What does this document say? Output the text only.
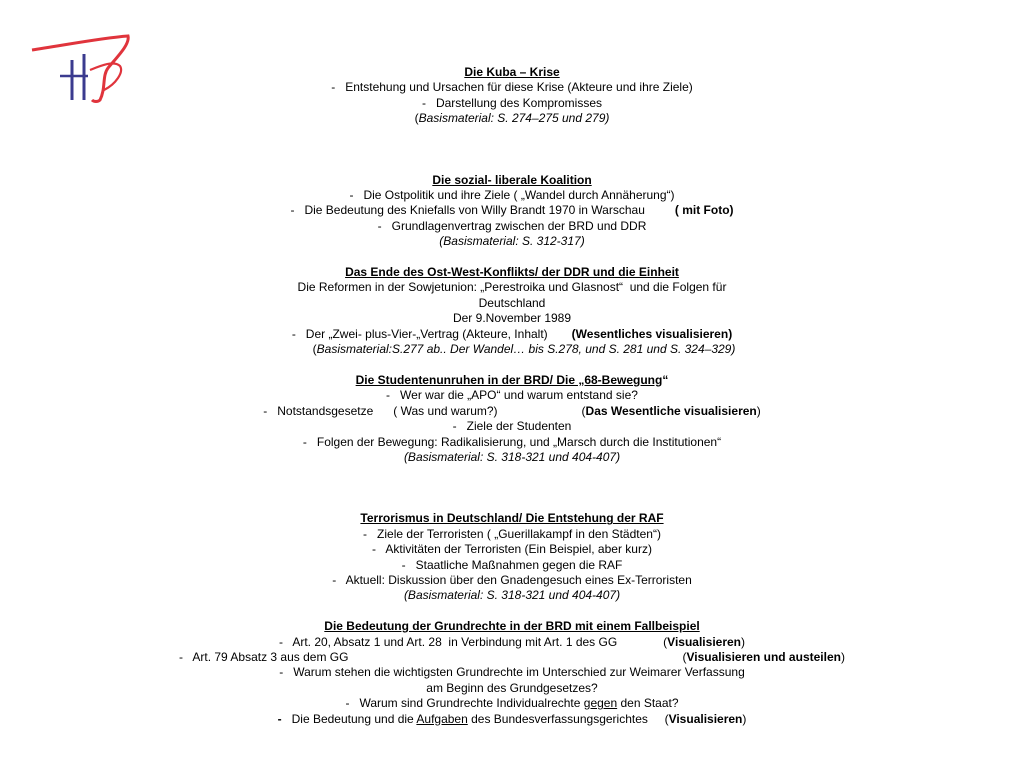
Die Kuba – Krise
-   Entstehung und Ursachen für diese Krise (Akteure und ihre Ziele)
-   Darstellung des Kompromisses
(Basismaterial: S. 274–275 und 279)
Die sozial- liberale Koalition
-   Die Ostpolitik und ihre Ziele ( „Wandel durch Annäherung“)
-   Die Bedeutung des Kniefalls von Willy Brandt 1970 in Warschau	( mit Foto)
-   Grundlagenvertrag zwischen der BRD und DDR
(Basismaterial: S. 312-317)
Das Ende des Ost-West-Konflikts/ der DDR und die Einheit
Die Reformen in der Sowjetunion: „Perestroika und Glasnost“  und die Folgen für
Deutschland
Der 9.November 1989
-   Der „Zwei- plus-Vier-„Vertrag (Akteure, Inhalt) (Wesentliches visualisieren)
(Basismaterial:S.277 ab.. Der Wandel… bis S.278, und S. 281 und S. 324–329)
Die Studentenunruhen in der BRD/ Die „68-Bewegung“
-   Wer war die „APO“ und warum entstand sie?
-   Notstandsgesetze      ( Was und warum?)	(Das Wesentliche visualisieren)
-   Ziele der Studenten
-   Folgen der Bewegung: Radikalisierung, und „Marsch durch die Institutionen“
(Basismaterial: S. 318-321 und 404-407)
Terrorismus in Deutschland/ Die Entstehung der RAF
-   Ziele der Terroristen ( „Guerillakampf in den Städten“)
-   Aktivitäten der Terroristen (Ein Beispiel, aber kurz)
-   Staatliche Maßnahmen gegen die RAF
-   Aktuell: Diskussion über den Gnadengesuch eines Ex-Terroristen
(Basismaterial: S. 318-321 und 404-407)
Die Bedeutung der Grundrechte in der BRD mit einem Fallbeispiel
-   Art. 20, Absatz 1 und Art. 28  in Verbindung mit Art. 1 des GG	(Visualisieren)
-   Art. 79 Absatz 3 aus dem GG	(Visualisieren und austeilen)
-   Warum stehen die wichtigsten Grundrechte im Unterschied zur Weimarer Verfassung
am Beginn des Grundgesetzes?
-   Warum sind Grundrechte Individualrechte gegen den Staat?
-   Die Bedeutung und die Aufgaben des Bundesverfassungsgerichtes     (Visualisieren)
